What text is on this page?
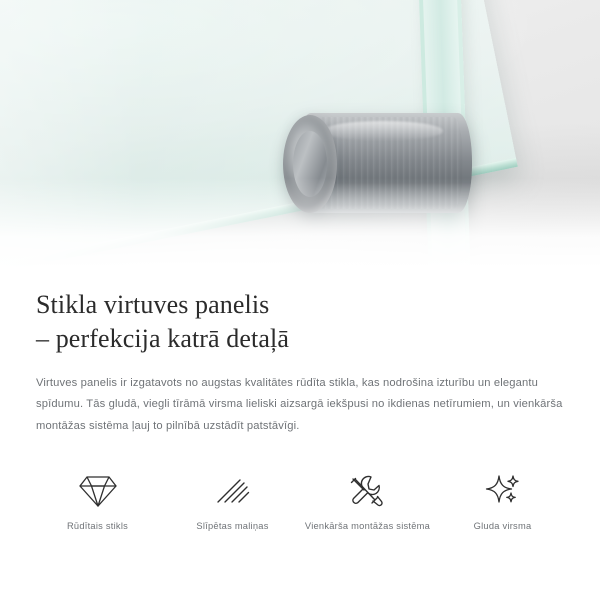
Stikla virtuves panelis
– perfekcija katrā detaļā

Virtuves panelis ir izgatavots no augstas kvalitātes rūdīta stikla, kas nodrošina izturību un elegantu spīdumu. Tās gludā, viegli tīrāmā virsma lieliski aizsargā iekšpusi no ikdienas netīrumiem, un vienkārša montāžas sistēma ļauj to pilnībā uzstādīt patstāvīgi.

Rūdītais stikls	Slīpētas maliņas	Vienkārša montāžas sistēma	Gluda virsma
